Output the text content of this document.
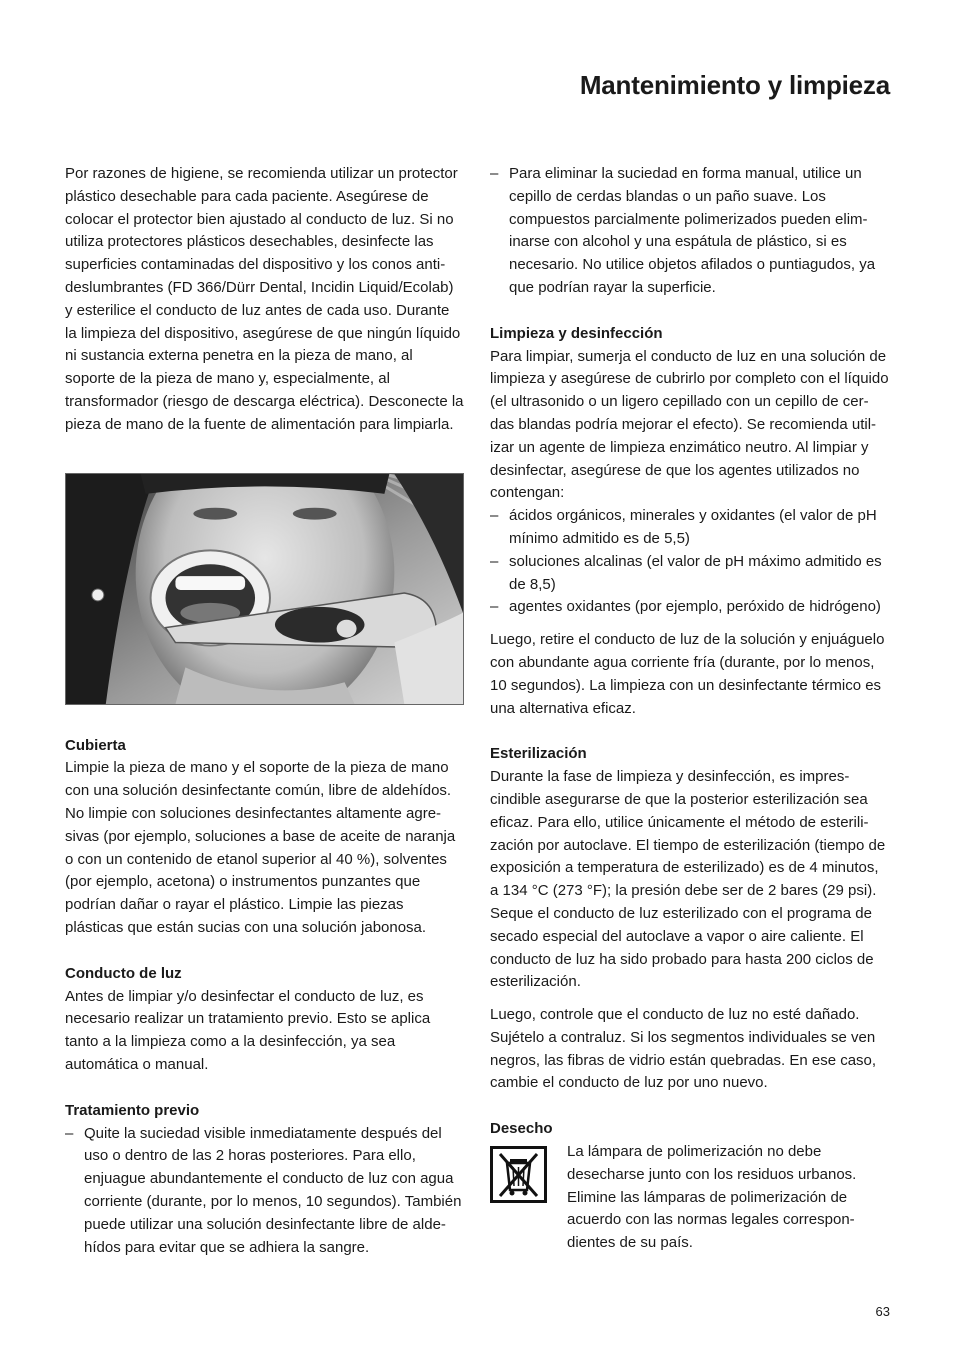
Mantenimiento y limpieza

Por razones de higiene, se recomienda utilizar un protector plástico desechable para cada paciente. Asegúrese de colocar el protector bien ajustado al conducto de luz. Si no utiliza protectores plásticos desechables, desinfecte las superficies contaminadas del dispositivo y los conos anti-deslumbrantes (FD 366/Dürr Dental, Incidin Liquid/Ecolab) y esterilice el conducto de luz antes de cada uso. Durante la limpieza del dispositivo, asegúrese de que ningún líquido ni sustancia externa penetra en la pieza de mano, al soporte de la pieza de mano y, especialmente, al transformador (riesgo de descarga eléctrica). Desconecte la pieza de mano de la fuente de alimentación para limpiarla.

Cubierta

Limpie la pieza de mano y el soporte de la pieza de mano con una solución desinfectante común, libre de aldehídos. No limpie con soluciones desinfectantes altamente agre-sivas (por ejemplo, soluciones a base de aceite de naranja o con un contenido de etanol superior al 40 %), solventes (por ejemplo, acetona) o instrumentos punzantes que podrían dañar o rayar el plástico. Limpie las piezas plásticas que están sucias con una solución jabonosa.

Conducto de luz

Antes de limpiar y/o desinfectar el conducto de luz, es necesario realizar un tratamiento previo. Esto se aplica tanto a la limpieza como a la desinfección, ya sea automática o manual.

Tratamiento previo
– Quite la suciedad visible inmediatamente después del uso o dentro de las 2 horas posteriores. Para ello, enjuague abundantemente el conducto de luz con agua corriente (durante, por lo menos, 10 segundos). También puede utilizar una solución desinfectante libre de alde-hídos para evitar que se adhiera la sangre.
– Para eliminar la suciedad en forma manual, utilice un cepillo de cerdas blandas o un paño suave. Los compuestos parcialmente polimerizados pueden elim-inarse con alcohol y una espátula de plástico, si es necesario. No utilice objetos afilados o puntiagudos, ya que podrían rayar la superficie.
Limpieza y desinfección

Para limpiar, sumerja el conducto de luz en una solución de limpieza y asegúrese de cubrirlo por completo con el líquido (el ultrasonido o un ligero cepillado con un cepillo de cer-das blandas podría mejorar el efecto). Se recomienda util-izar un agente de limpieza enzimático neutro. Al limpiar y desinfectar, asegúrese de que los agentes utilizados no contengan:

– ácidos orgánicos, minerales y oxidantes (el valor de pH mínimo admitido es de 5,5)
– soluciones alcalinas (el valor de pH máximo admitido es de 8,5)
– agentes oxidantes (por ejemplo, peróxido de hidrógeno)

Luego, retire el conducto de luz de la solución y enjuáguelo con abundante agua corriente fría (durante, por lo menos, 10 segundos). La limpieza con un desinfectante térmico es una alternativa eficaz.

Esterilización

Durante la fase de limpieza y desinfección, es impres-cindible asegurarse de que la posterior esterilización sea eficaz. Para ello, utilice únicamente el método de esterili-zación por autoclave. El tiempo de esterilización (tiempo de exposición a temperatura de esterilizado) es de 4 minutos, a 134 °C (273 °F); la presión debe ser de 2 bares (29 psi). Seque el conducto de luz esterilizado con el programa de secado especial del autoclave a vapor o aire caliente. El conducto de luz ha sido probado para hasta 200 ciclos de esterilización.

Luego, controle que el conducto de luz no esté dañado. Sujételo a contraluz. Si los segmentos individuales se ven negros, las fibras de vidrio están quebradas. En ese caso, cambie el conducto de luz por uno nuevo.

Desecho

La lámpara de polimerización no debe desecharse junto con los residuos urbanos. Elimine las lámparas de polimerización de acuerdo con las normas legales correspon-dientes de su país.

63
